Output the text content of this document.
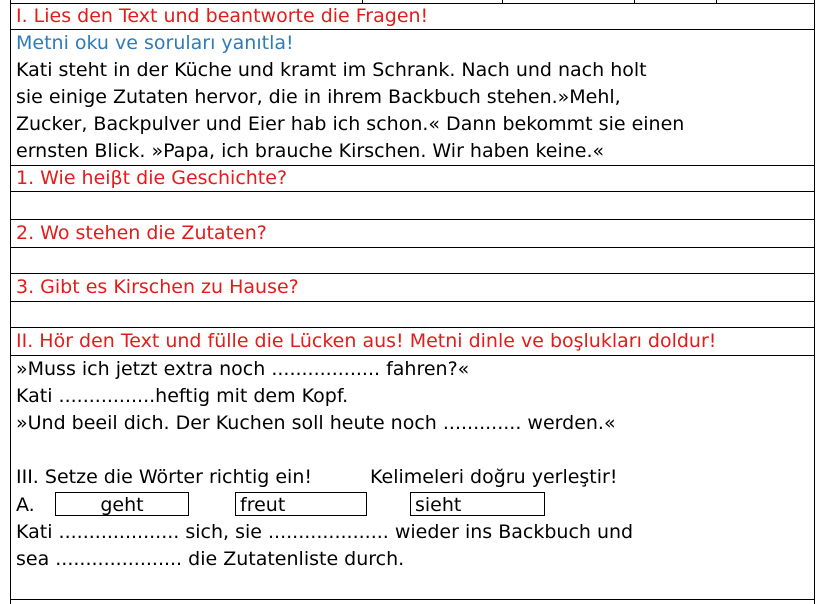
I. Lies den Text und beantworte die Fragen!
Metni oku ve soruları yanıtla!
Kati steht in der Küche und kramt im Schrank. Nach und nach holt
sie einige Zutaten hervor, die in ihrem Backbuch stehen.»Mehl,
Zucker, Backpulver und Eier hab ich schon.« Dann bekommt sie einen
ernsten Blick. »Papa, ich brauche Kirschen. Wir haben keine.«
1. Wie heiβt die Geschichte?
2. Wo stehen die Zutaten?
3. Gibt es Kirschen zu Hause?
II. Hör den Text und fülle die Lücken aus! Metni dinle ve boşlukları doldur!
»Muss ich jetzt extra noch .................. fahren?«
Kati ................heftig mit dem Kopf.
»Und beeil dich. Der Kuchen soll heute noch ............. werden.«
III. Setze die Wörter richtig ein!	Kelimeleri doğru yerleştir!
A.	geht	freut	sieht
Kati .................... sich, sie .................... wieder ins Backbuch und
sea ..................... die Zutatenliste durch.
